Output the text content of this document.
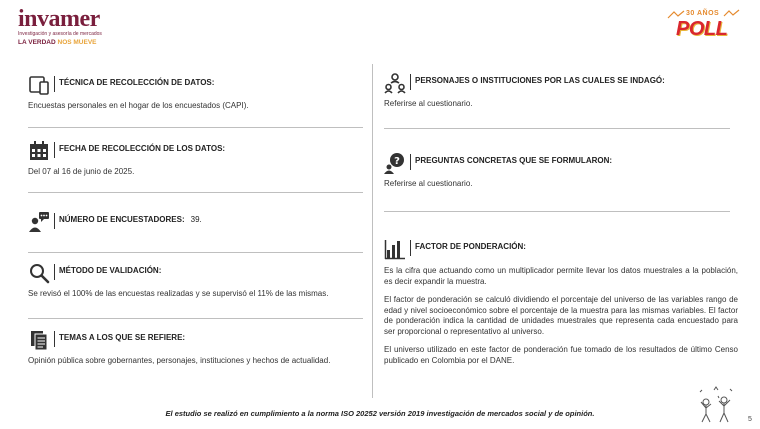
invamer
Investigación y asesoría de mercados
LA VERDAD NOS MUEVE
30 AÑOS
POLL
TÉCNICA DE RECOLECCIÓN DE DATOS:
Encuestas personales en el hogar de los encuestados (CAPI).
FECHA DE RECOLECCIÓN DE LOS DATOS:
Del 07 al 16 de junio de 2025.
NÚMERO DE ENCUESTADORES: 39.
MÉTODO DE VALIDACIÓN:
Se revisó el 100% de las encuestas realizadas y se supervisó el 11% de las mismas.
TEMAS A LOS QUE SE REFIERE:
Opinión pública sobre gobernantes, personajes, instituciones y hechos de actualidad.
PERSONAJES O INSTITUCIONES POR LAS CUALES SE INDAGÓ:
Referirse al cuestionario.
? PREGUNTAS CONCRETAS QUE SE FORMULARON:
Referirse al cuestionario.
FACTOR DE PONDERACIÓN:

Es la cifra que actuando como un multiplicador permite llevar los datos muestrales a la población, es decir expandir la muestra.

El factor de ponderación se calculó dividiendo el porcentaje del universo de las variables rango de edad y nivel socioeconómico sobre el porcentaje de la muestra para las mismas variables. El factor de ponderación indica la cantidad de unidades muestrales que representa cada encuestado para ser proporcional o representativo al universo.

El universo utilizado en este factor de ponderación fue tomado de los resultados de último Censo publicado en Colombia por el DANE.

El estudio se realizó en cumplimiento a la norma ISO 20252 versión 2019 investigación de mercados social y de opinión.
5
